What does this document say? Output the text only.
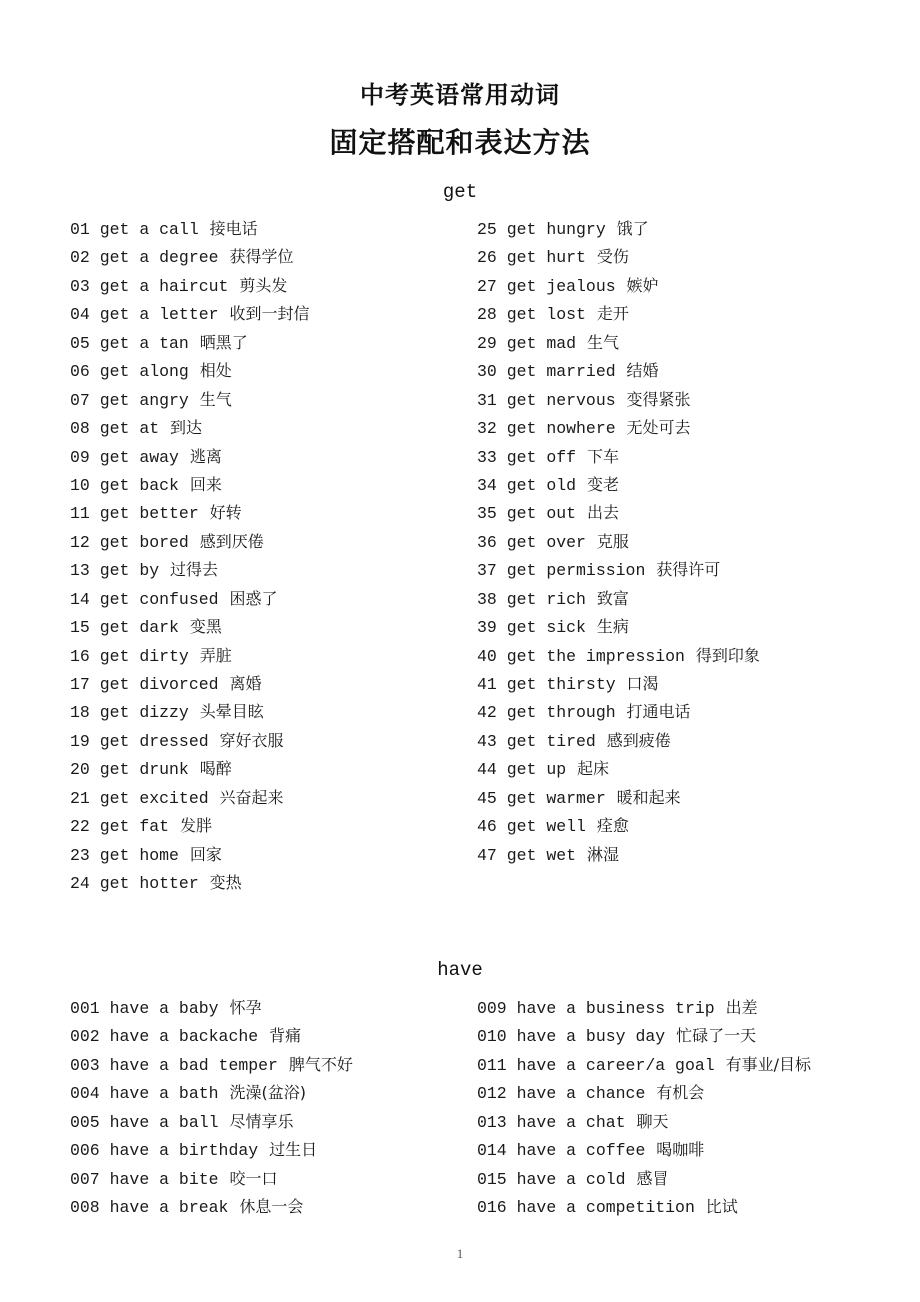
中考英语常用动词
固定搭配和表达方法
get
01 get a call 接电话
02 get a degree 获得学位
03 get a haircut 剪头发
04 get a letter 收到一封信
05 get a tan 晒黑了
06 get along 相处
07 get angry 生气
08 get at 到达
09 get away 逃离
10 get back 回来
11 get better 好转
12 get bored 感到厌倦
13 get by 过得去
14 get confused 困惑了
15 get dark 变黑
16 get dirty 弄脏
17 get divorced 离婚
18 get dizzy 头晕目眩
19 get dressed 穿好衣服
20 get drunk 喝醉
21 get excited 兴奋起来
22 get fat 发胖
23 get home 回家
24 get hotter 变热
25 get hungry 饿了
26 get hurt 受伤
27 get jealous 嫉妒
28 get lost 走开
29 get mad 生气
30 get married 结婚
31 get nervous 变得紧张
32 get nowhere 无处可去
33 get off 下车
34 get old 变老
35 get out 出去
36 get over 克服
37 get permission 获得许可
38 get rich 致富
39 get sick 生病
40 get the impression 得到印象
41 get thirsty 口渴
42 get through 打通电话
43 get tired 感到疲倦
44 get up 起床
45 get warmer 暖和起来
46 get well 痊愈
47 get wet 淋湿
have
001 have a baby 怀孕
002 have a backache 背痛
003 have a bad temper 脾气不好
004 have a bath 洗澡(盆浴)
005 have a ball 尽情享乐
006 have a birthday 过生日
007 have a bite 咬一口
008 have a break 休息一会
009 have a business trip 出差
010 have a busy day 忙碌了一天
011 have a career/a goal 有事业/目标
012 have a chance 有机会
013 have a chat 聊天
014 have a coffee 喝咖啡
015 have a cold 感冒
016 have a competition 比试
1
